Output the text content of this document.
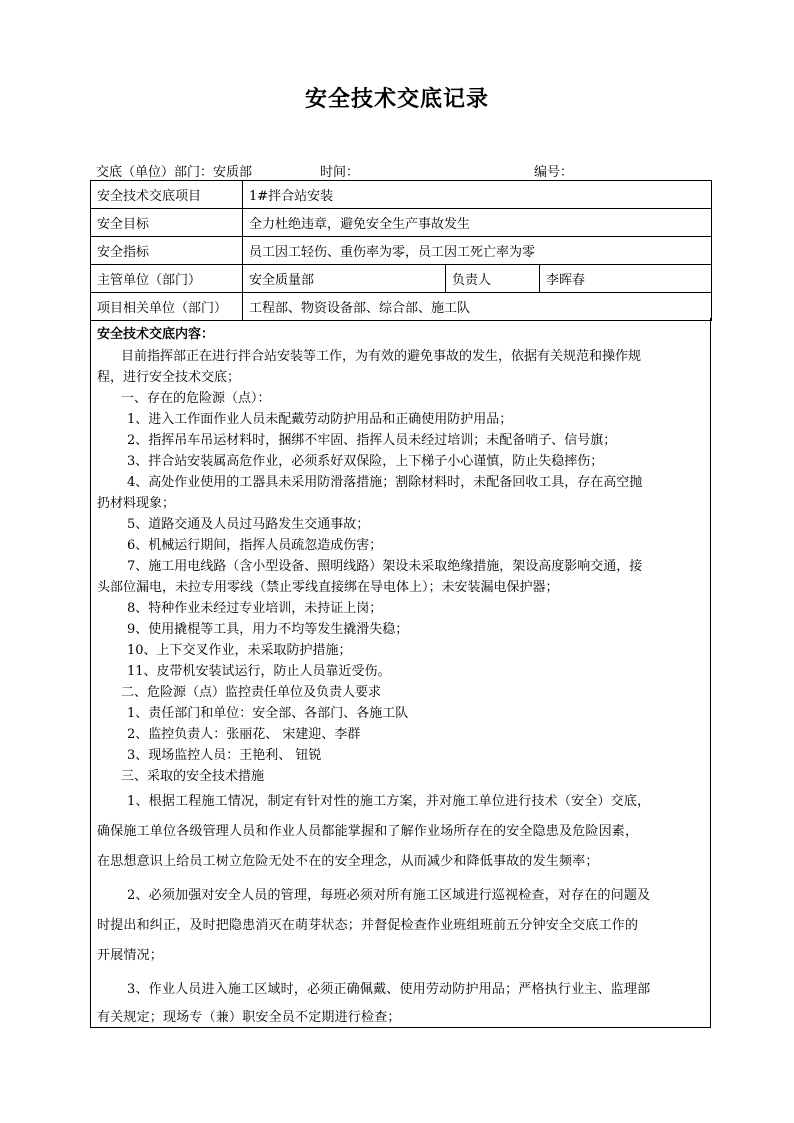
安全技术交底记录
交底（单位）部门：安质部	时间：	编号：
安全技术交底项目	1#拌合站安装		
安全目标	全力杜绝违章，避免安全生产事故发生		
安全指标	员工因工轻伤、重伤率为零，员工因工死亡率为零		
主管单位（部门）	安全质量部	负责人	李晖春
项目相关单位（部门）	工程部、物资设备部、综合部、施工队		
安全技术交底内容：
目前指挥部正在进行拌合站安装等工作，为有效的避免事故的发生，依据有关规范和操作规
程，进行安全技术交底；
一、存在的危险源（点）：
1、进入工作面作业人员未配戴劳动防护用品和正确使用防护用品；
2、指挥吊车吊运材料时，捆绑不牢固、指挥人员未经过培训；未配备哨子、信号旗；
3、拌合站安装属高危作业，必须系好双保险，上下梯子小心谨慎，防止失稳摔伤；
4、高处作业使用的工器具未采用防滑落措施；割除材料时，未配备回收工具，存在高空抛
扔材料现象；
5、道路交通及人员过马路发生交通事故；
6、机械运行期间，指挥人员疏忽造成伤害；
7、施工用电线路（含小型设备、照明线路）架设未采取绝缘措施，架设高度影响交通，接
头部位漏电，未拉专用零线（禁止零线直接绑在导电体上）；未安装漏电保护器；
8、特种作业未经过专业培训，未持证上岗；
9、使用撬棍等工具，用力不均等发生撬滑失稳；
10、上下交叉作业，未采取防护措施；
11、皮带机安装试运行，防止人员靠近受伤。
二、危险源（点）监控责任单位及负责人要求
1、责任部门和单位：安全部、各部门、各施工队
2、监控负责人：张丽花、 宋建迎、李群
3、现场监控人员：王艳利、 钮锐
三、采取的安全技术措施
1、根据工程施工情况，制定有针对性的施工方案，并对施工单位进行技术（安全）交底，
确保施工单位各级管理人员和作业人员都能掌握和了解作业场所存在的安全隐患及危险因素，
在思想意识上给员工树立危险无处不在的安全理念，从而减少和降低事故的发生频率；
2、必须加强对安全人员的管理，每班必须对所有施工区域进行巡视检查，对存在的问题及
时提出和纠正，及时把隐患消灭在萌芽状态；并督促检查作业班组班前五分钟安全交底工作的
开展情况；
3、作业人员进入施工区域时，必须正确佩戴、使用劳动防护用品；严格执行业主、监理部
有关规定；现场专（兼）职安全员不定期进行检查；
